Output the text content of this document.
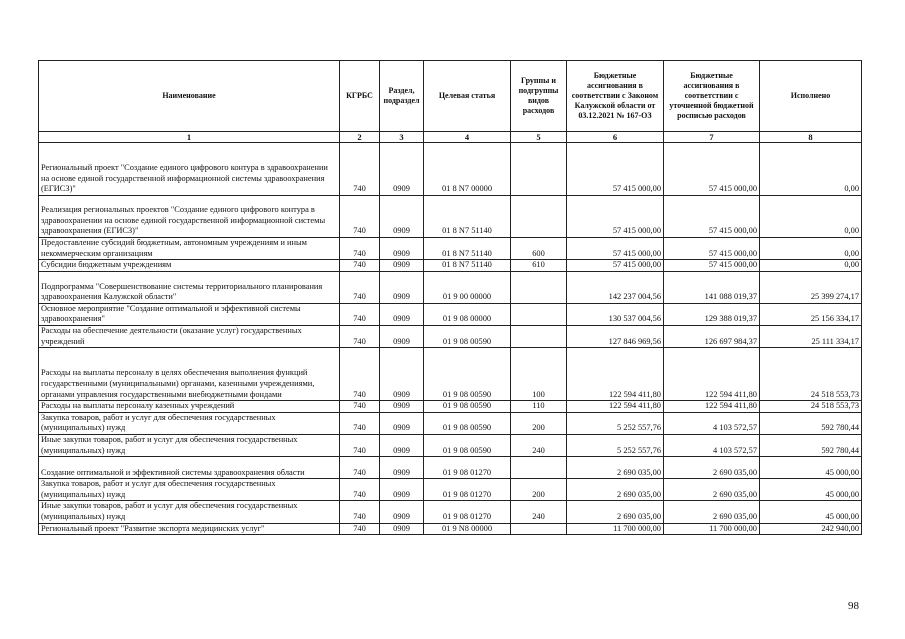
Наименование	КГРБС	Раздел, подраздел	Целевая статья	Группы и подгруппы видов расходов	Бюджетные ассигнования в соответствии с Законом Калужской области от 03.12.2021 № 167-ОЗ	Бюджетные ассигнования в соответствии с уточненной бюджетной росписью расходов	Исполнено
1	2	3	4	5	6	7	8
Региональный проект "Создание единого цифрового контура в здравоохранении на основе единой государственной информационной системы здравоохранения (ЕГИСЗ)"	740	0909	01 8 N7 00000		57 415 000,00	57 415 000,00	0,00
Реализация региональных проектов "Создание единого цифрового контура в здравоохранении на основе единой государственной информационной системы здравоохранения (ЕГИСЗ)"	740	0909	01 8 N7 51140		57 415 000,00	57 415 000,00	0,00
Предоставление субсидий бюджетным, автономным учреждениям и иным некоммерческим организациям	740	0909	01 8 N7 51140	600	57 415 000,00	57 415 000,00	0,00
Субсидии бюджетным учреждениям	740	0909	01 8 N7 51140	610	57 415 000,00	57 415 000,00	0,00
Подпрограмма "Совершенствование системы территориального планирования здравоохранения Калужской области"	740	0909	01 9 00 00000		142 237 004,56	141 088 019,37	25 399 274,17
Основное мероприятие "Создание оптимальной и эффективной системы здравоохранения"	740	0909	01 9 08 00000		130 537 004,56	129 388 019,37	25 156 334,17
Расходы на обеспечение деятельности (оказание услуг) государственных учреждений	740	0909	01 9 08 00590		127 846 969,56	126 697 984,37	25 111 334,17
Расходы на выплаты персоналу в целях обеспечения выполнения функций государственными (муниципальными) органами, казенными учреждениями, органами управления государственными внебюджетными фондами	740	0909	01 9 08 00590	100	122 594 411,80	122 594 411,80	24 518 553,73
Расходы на выплаты персоналу казенных учреждений	740	0909	01 9 08 00590	110	122 594 411,80	122 594 411,80	24 518 553,73
Закупка товаров, работ и услуг для обеспечения государственных (муниципальных) нужд	740	0909	01 9 08 00590	200	5 252 557,76	4 103 572,57	592 780,44
Иные закупки товаров, работ и услуг для обеспечения государственных (муниципальных) нужд	740	0909	01 9 08 00590	240	5 252 557,76	4 103 572,57	592 780,44
Создание оптимальной и эффективной системы здравоохранения области	740	0909	01 9 08 01270		2 690 035,00	2 690 035,00	45 000,00
Закупка товаров, работ и услуг для обеспечения государственных (муниципальных) нужд	740	0909	01 9 08 01270	200	2 690 035,00	2 690 035,00	45 000,00
Иные закупки товаров, работ и услуг для обеспечения государственных (муниципальных) нужд	740	0909	01 9 08 01270	240	2 690 035,00	2 690 035,00	45 000,00
Региональный проект "Развитие экспорта медицинских услуг"	740	0909	01 9 N8 00000		11 700 000,00	11 700 000,00	242 940,00
98
